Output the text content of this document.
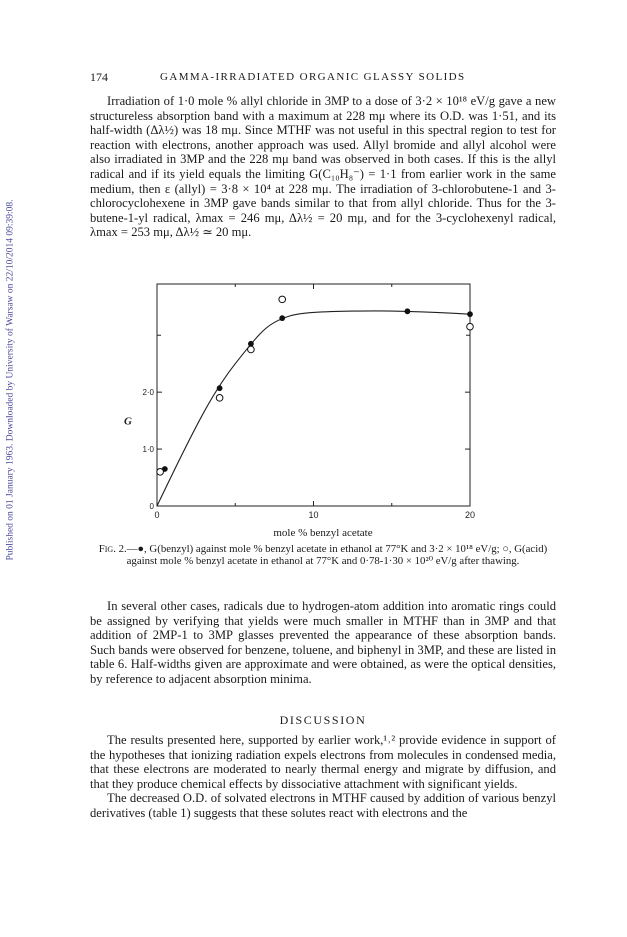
Published on 01 January 1963. Downloaded by University of Warsaw on 22/10/2014 09:39:08.
174	GAMMA-IRRADIATED ORGANIC GLASSY SOLIDS

Irradiation of 1·0 mole % allyl chloride in 3MP to a dose of 3·2 × 10¹⁸ eV/g gave a new structureless absorption band with a maximum at 228 mμ where its O.D. was 1·51, and its half-width (Δλ½) was 18 mμ. Since MTHF was not useful in this spectral region to test for reaction with electrons, another approach was used. Allyl bromide and allyl alcohol were also irradiated in 3MP and the 228 mμ band was observed in both cases. If this is the allyl radical and if its yield equals the limiting G(C₁₀H₈⁻) = 1·1 from earlier work in the same medium, then ε (allyl) = 3·8 × 10⁴ at 228 mμ. The irradiation of 3-chlorobutene-1 and 3-chlorocyclohexene in 3MP gave bands similar to that from allyl chloride. Thus for the 3-butene-1-yl radical, λmax = 246 mμ, Δλ½ = 20 mμ, and for the 3-cyclohexenyl radical, λmax = 253 mμ, Δλ½ ≃ 20 mμ.

0	10	20
0
1·0
2·0
G
mole % benzyl acetate
Fig. 2.—●, G(benzyl) against mole % benzyl acetate in ethanol at 77°K and 3·2 × 10¹⁸ eV/g; ○, G(acid) against mole % benzyl acetate in ethanol at 77°K and 0·78-1·30 × 10²⁰ eV/g after thawing.

In several other cases, radicals due to hydrogen-atom addition into aromatic rings could be assigned by verifying that yields were much smaller in MTHF than in 3MP and that addition of 2MP-1 to 3MP glasses prevented the appearance of these absorption bands. Such bands were observed for benzene, toluene, and biphenyl in 3MP, and these are listed in table 6. Half-widths given are approximate and were obtained, as were the optical densities, by reference to adjacent absorption minima.

DISCUSSION

The results presented here, supported by earlier work,¹˒² provide evidence in support of the hypotheses that ionizing radiation expels electrons from molecules in condensed media, that these electrons are moderated to nearly thermal energy and migrate by diffusion, and that they produce chemical effects by dissociative attachment with significant yields.

The decreased O.D. of solvated electrons in MTHF caused by addition of various benzyl derivatives (table 1) suggests that these solutes react with electrons and the
